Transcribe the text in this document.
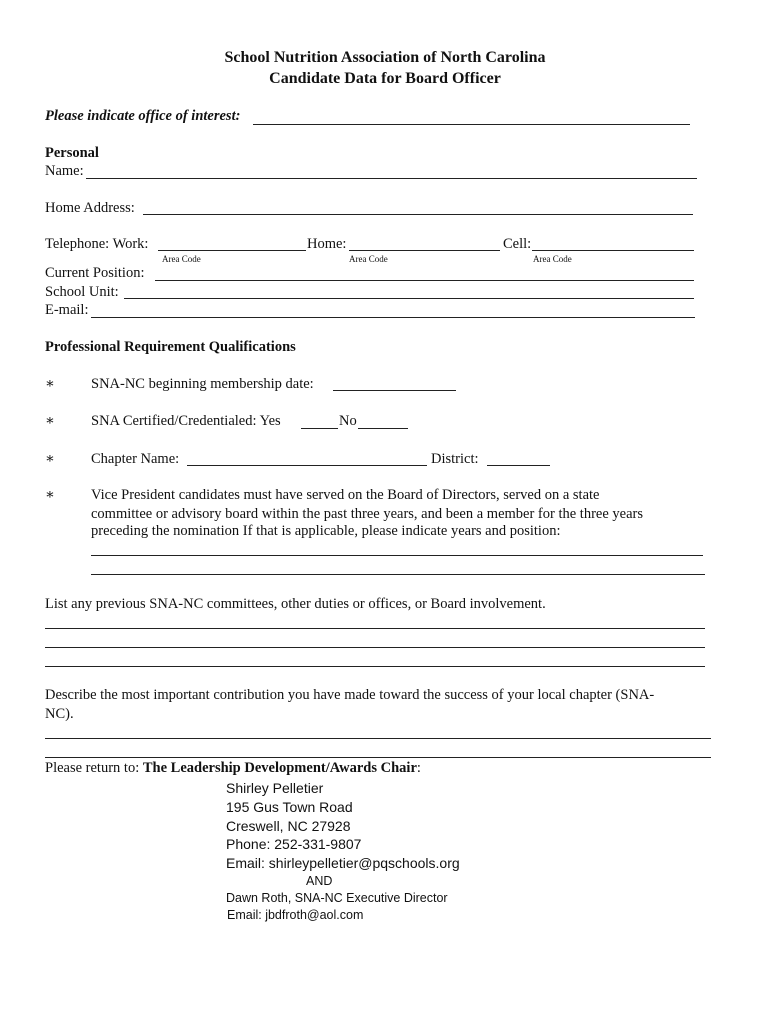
School Nutrition Association of North Carolina
Candidate Data for Board Officer
Please indicate office of interest:
Personal
Name:
Home Address:
Telephone: Work:	Home:	Cell:
Area Code	Area Code	Area Code
Current Position:
School Unit:
E-mail:
Professional Requirement Qualifications
∗ SNA-NC beginning membership date:
∗ SNA Certified/Credentialed: Yes	No
∗ Chapter Name:	District:
∗ Vice President candidates must have served on the Board of Directors, served on a state
committee or advisory board within the past three years, and been a member for the three years
preceding the nomination If that is applicable, please indicate years and position:
List any previous SNA-NC committees, other duties or offices, or Board involvement.
Describe the most important contribution you have made toward the success of your local chapter (SNA-
NC).
Please return to: The Leadership Development/Awards Chair:
Shirley Pelletier
195 Gus Town Road
Creswell, NC 27928
Phone: 252-331-9807
Email: shirleypelletier@pqschools.org
AND
Dawn Roth, SNA-NC Executive Director
Email: jbdfroth@aol.com
